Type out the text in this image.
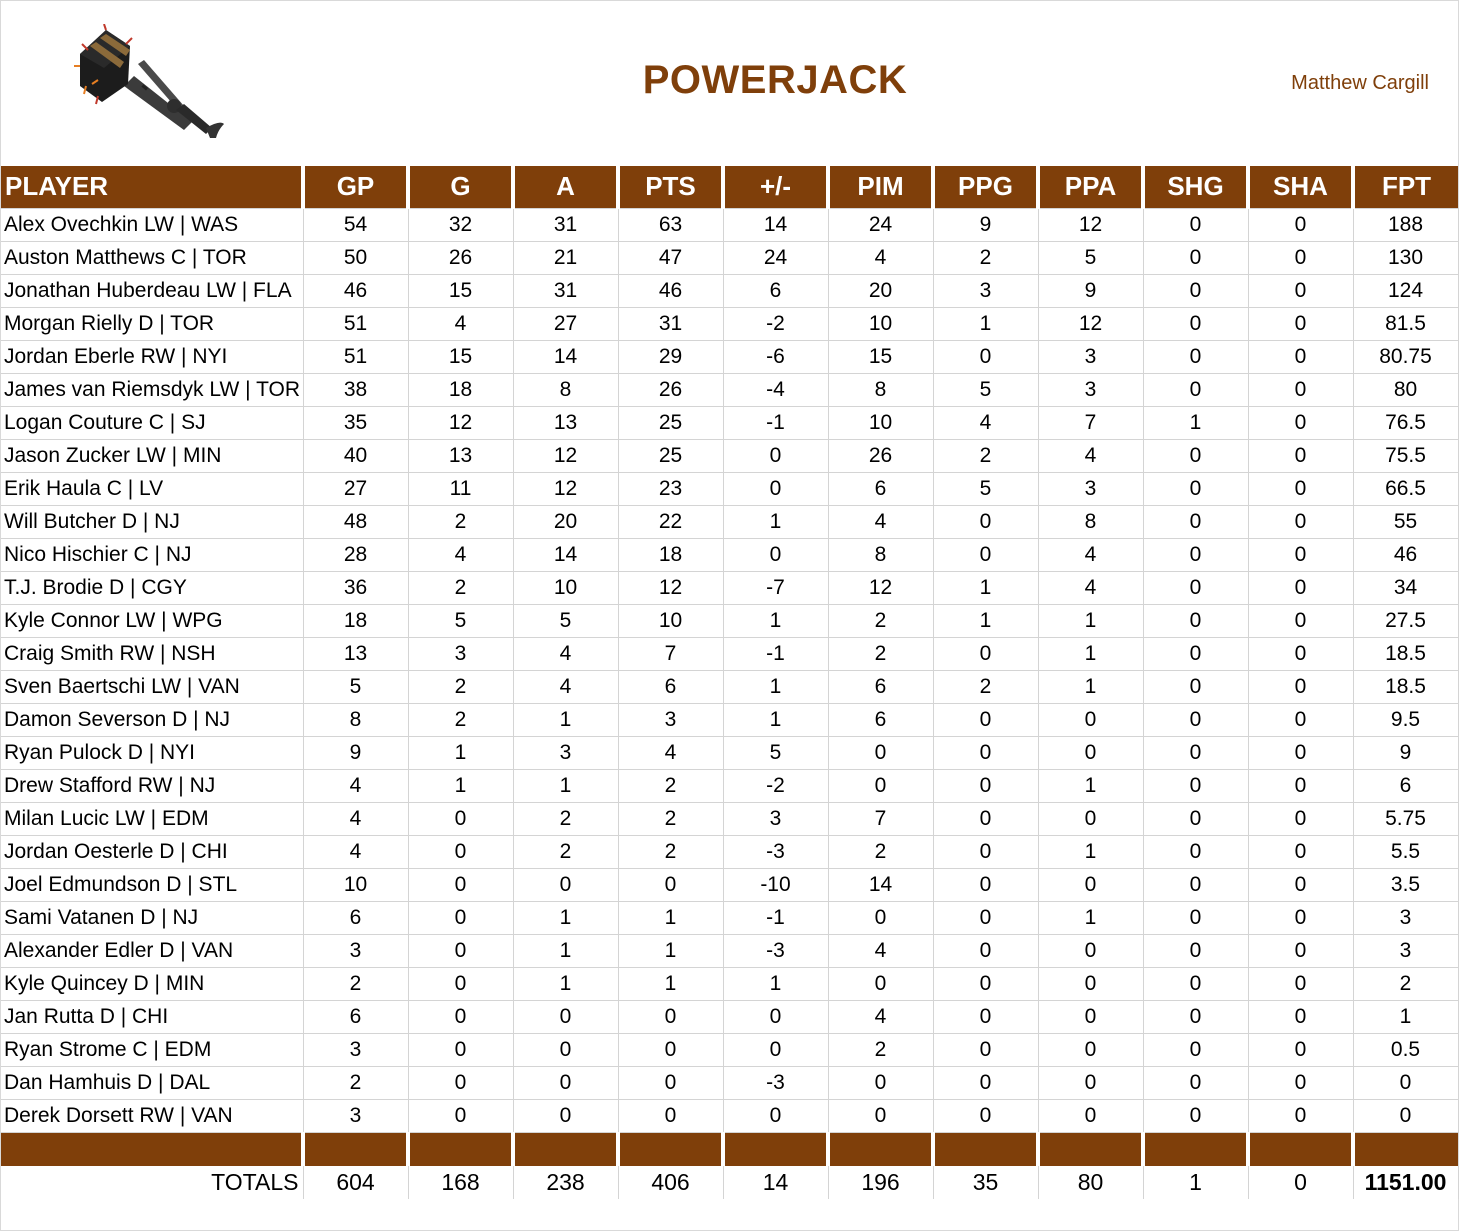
POWERJACK	Matthew Cargill
PLAYER	GP	G	A	PTS	+/-	PIM	PPG	PPA	SHG	SHA	FPT
Alex Ovechkin LW | WAS	54	32	31	63	14	24	9	12	0	0	188
Auston Matthews C | TOR	50	26	21	47	24	4	2	5	0	0	130
Jonathan Huberdeau LW | FLA	46	15	31	46	6	20	3	9	0	0	124
Morgan Rielly D | TOR	51	4	27	31	-2	10	1	12	0	0	81.5
Jordan Eberle RW | NYI	51	15	14	29	-6	15	0	3	0	0	80.75
James van Riemsdyk LW | TOR	38	18	8	26	-4	8	5	3	0	0	80
Logan Couture C | SJ	35	12	13	25	-1	10	4	7	1	0	76.5
Jason Zucker LW | MIN	40	13	12	25	0	26	2	4	0	0	75.5
Erik Haula C | LV	27	11	12	23	0	6	5	3	0	0	66.5
Will Butcher D | NJ	48	2	20	22	1	4	0	8	0	0	55
Nico Hischier C | NJ	28	4	14	18	0	8	0	4	0	0	46
T.J. Brodie D | CGY	36	2	10	12	-7	12	1	4	0	0	34
Kyle Connor LW | WPG	18	5	5	10	1	2	1	1	0	0	27.5
Craig Smith RW | NSH	13	3	4	7	-1	2	0	1	0	0	18.5
Sven Baertschi LW | VAN	5	2	4	6	1	6	2	1	0	0	18.5
Damon Severson D | NJ	8	2	1	3	1	6	0	0	0	0	9.5
Ryan Pulock D | NYI	9	1	3	4	5	0	0	0	0	0	9
Drew Stafford RW | NJ	4	1	1	2	-2	0	0	1	0	0	6
Milan Lucic LW | EDM	4	0	2	2	3	7	0	0	0	0	5.75
Jordan Oesterle D | CHI	4	0	2	2	-3	2	0	1	0	0	5.5
Joel Edmundson D | STL	10	0	0	0	-10	14	0	0	0	0	3.5
Sami Vatanen D | NJ	6	0	1	1	-1	0	0	1	0	0	3
Alexander Edler D | VAN	3	0	1	1	-3	4	0	0	0	0	3
Kyle Quincey D | MIN	2	0	1	1	1	0	0	0	0	0	2
Jan Rutta D | CHI	6	0	0	0	0	4	0	0	0	0	1
Ryan Strome C | EDM	3	0	0	0	0	2	0	0	0	0	0.5
Dan Hamhuis D | DAL	2	0	0	0	-3	0	0	0	0	0	0
Derek Dorsett RW | VAN	3	0	0	0	0	0	0	0	0	0	0

TOTALS	604	168	238	406	14	196	35	80	1	0	1151.00
